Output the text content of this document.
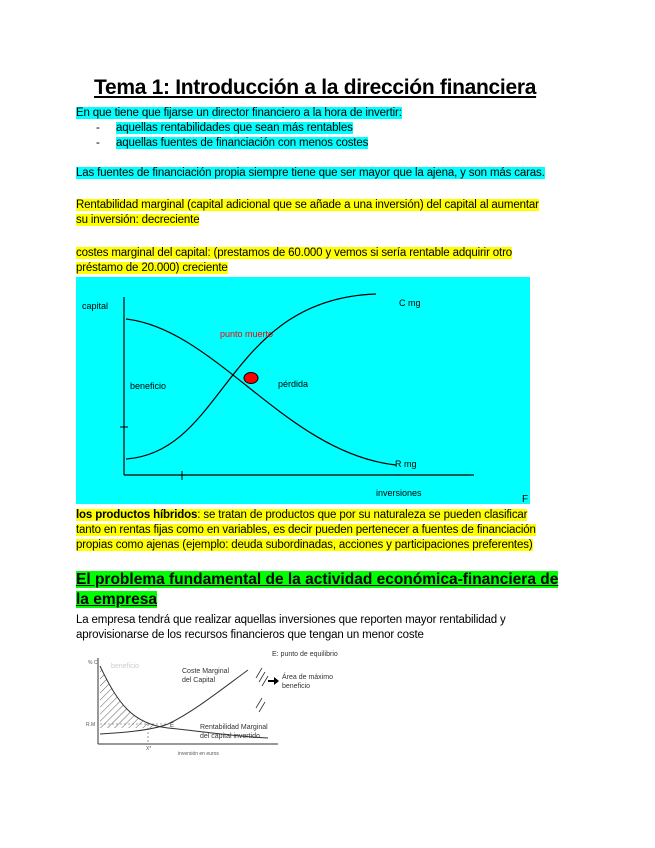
Tema 1: Introducción a la dirección financiera
En que tiene que fijarse un director financiero a la hora de invertir:
- aquellas rentabilidades que sean más rentables
- aquellas fuentes de financiación con menos costes
Las fuentes de financiación propia siempre tiene que ser mayor que la ajena, y son más caras.
Rentabilidad marginal (capital adicional que se añade a una inversión) del capital al aumentar
su inversión: decreciente
costes marginal del capital: (prestamos de 60.000 y vemos si sería rentable adquirir otro
préstamo de 20.000) creciente
capital	C mg
R mg
punto muerto
beneficio	pérdida
inversiones
F
los productos híbridos: se tratan de productos que por su naturaleza se pueden clasificar
tanto en rentas fijas como en variables, es decir pueden pertenecer a fuentes de financiación
propias como ajenas (ejemplo: deuda subordinadas, acciones y participaciones preferentes)
El problema fundamental de la actividad económica-financiera de
la empresa
La empresa tendrá que realizar aquellas inversiones que reporten mayor rentabilidad y
aprovisionarse de los recursos financieros que tengan un menor coste
% C
R.M
X*
E
beneficio
Coste Marginal
del Capital
Rentabilidad Marginal
del capital invertido
inversión en euros
E: punto de equilibrio
Área de máximo
beneficio
